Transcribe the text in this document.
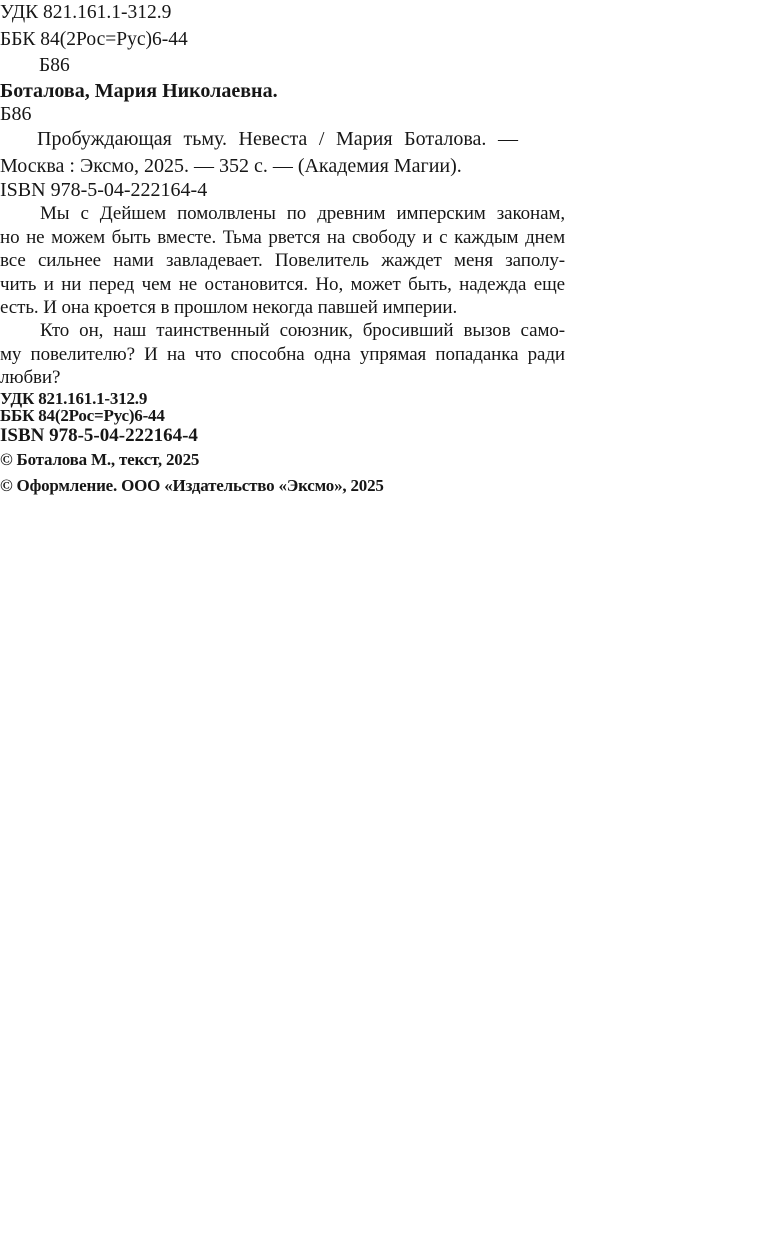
УДК 821.161.1-312.9
ББК 84(2Рос=Рус)6-44
Б86
Боталова, Мария Николаевна.
Б86
Пробуждающая тьму. Невеста / Мария Боталова. —
Москва : Эксмо, 2025. — 352 с. — (Академия Магии).
ISBN 978-5-04-222164-4
Мы с Дейшем помолвлены по древним имперским законам,
но не можем быть вместе. Тьма рвется на свободу и с каждым днем
все сильнее нами завладевает. Повелитель жаждет меня заполу-
чить и ни перед чем не остановится. Но, может быть, надежда еще
есть. И она кроется в прошлом некогда павшей империи.
Кто он, наш таинственный союзник, бросивший вызов само-
му повелителю? И на что способна одна упрямая попаданка ради
любви?
УДК 821.161.1-312.9
ББК 84(2Рос=Рус)6-44
ISBN 978-5-04-222164-4
© Боталова М., текст, 2025
© Оформление. ООО «Издательство «Эксмо», 2025
